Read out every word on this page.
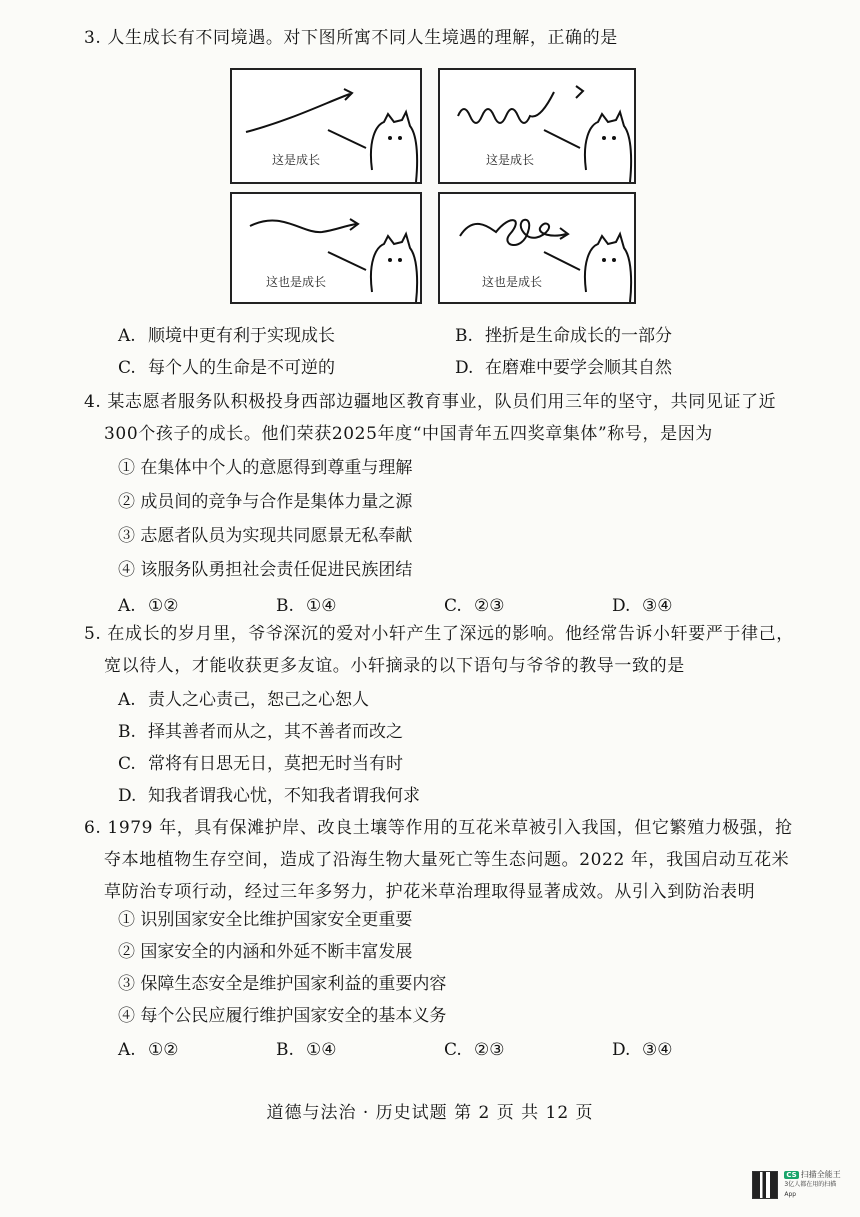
3. 人生成长有不同境遇。对下图所寓不同人生境遇的理解，正确的是
这是成长	这是成长
这也是成长	这也是成长
A. 顺境中更有利于实现成长	B. 挫折是生命成长的一部分
C. 每个人的生命是不可逆的	D. 在磨难中要学会顺其自然
4. 某志愿者服务队积极投身西部边疆地区教育事业，队员们用三年的坚守，共同见证了近
300个孩子的成长。他们荣获2025年度“中国青年五四奖章集体”称号，是因为
① 在集体中个人的意愿得到尊重与理解
② 成员间的竞争与合作是集体力量之源
③ 志愿者队员为实现共同愿景无私奉献
④ 该服务队勇担社会责任促进民族团结
A. ①②	B. ①④	C. ②③	D. ③④
5. 在成长的岁月里，爷爷深沉的爱对小轩产生了深远的影响。他经常告诉小轩要严于律己，
宽以待人，才能收获更多友谊。小轩摘录的以下语句与爷爷的教导一致的是
A. 责人之心责己，恕己之心恕人
B. 择其善者而从之，其不善者而改之
C. 常将有日思无日，莫把无时当有时
D. 知我者谓我心忧，不知我者谓我何求
6. 1979 年，具有保滩护岸、改良土壤等作用的互花米草被引入我国，但它繁殖力极强，抢
夺本地植物生存空间，造成了沿海生物大量死亡等生态问题。2022 年，我国启动互花米
草防治专项行动，经过三年多努力，护花米草治理取得显著成效。从引入到防治表明
① 识别国家安全比维护国家安全更重要
② 国家安全的内涵和外延不断丰富发展
③ 保障生态安全是维护国家利益的重要内容
④ 每个公民应履行维护国家安全的基本义务
A. ①②	B. ①④	C. ②③	D. ③④
道德与法治 · 历史试题 第 2 页 共 12 页
CS 扫描全能王
3亿人都在用的扫描App
